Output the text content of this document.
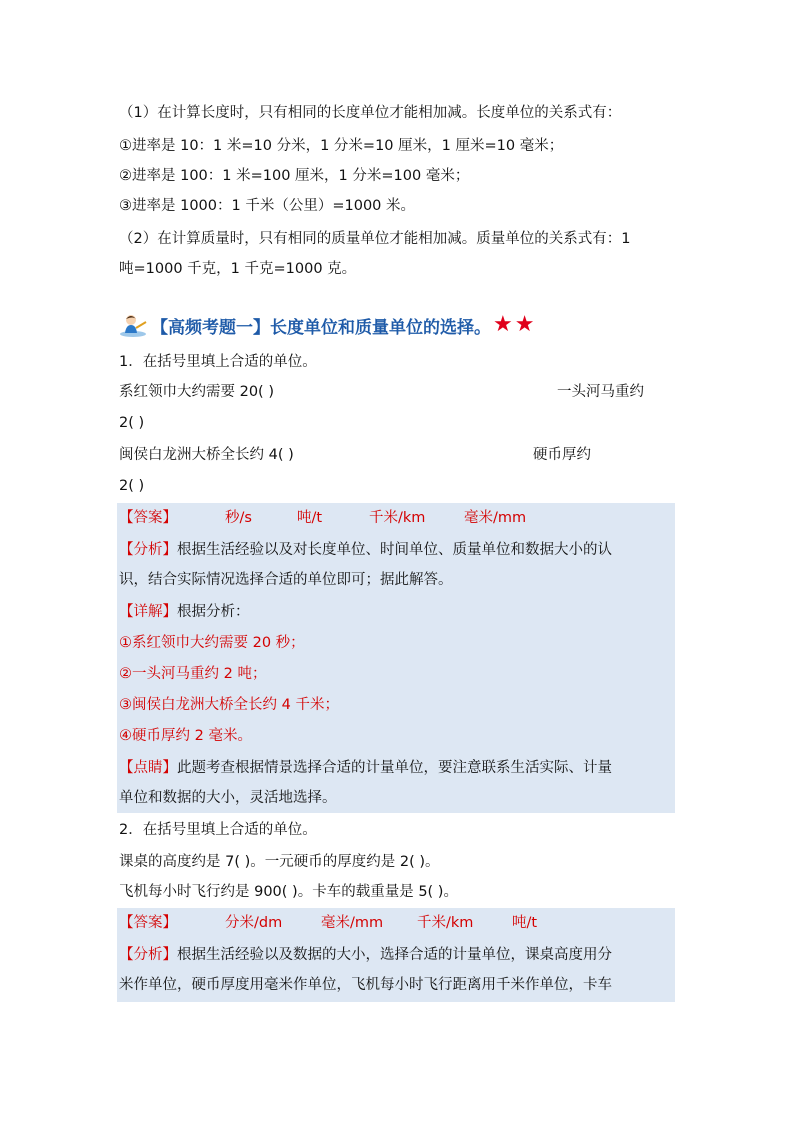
（1）在计算长度时，只有相同的长度单位才能相加减。长度单位的关系式有：
①进率是 10：1 米=10 分米，1 分米=10 厘米，1 厘米=10 毫米；
②进率是 100：1 米=100 厘米，1 分米=100 毫米；
③进率是 1000：1 千米（公里）=1000 米。
（2）在计算质量时，只有相同的质量单位才能相加减。质量单位的关系式有：1
吨=1000 千克，1 千克=1000 克。
【高频考题一】长度单位和质量单位的选择。 ★ ★
1．在括号里填上合适的单位。
系红领巾大约需要 20( )	一头河马重约
2( )
闽侯白龙洲大桥全长约 4( )	硬币厚约
2( )
【答案】	秒/s	吨/t	千米/km	毫米/mm
【分析】根据生活经验以及对长度单位、时间单位、质量单位和数据大小的认
识，结合实际情况选择合适的单位即可；据此解答。
【详解】根据分析：
①系红领巾大约需要 20 秒；
②一头河马重约 2 吨；
③闽侯白龙洲大桥全长约 4 千米；
④硬币厚约 2 毫米。
【点睛】此题考查根据情景选择合适的计量单位，要注意联系生活实际、计量
单位和数据的大小，灵活地选择。
2．在括号里填上合适的单位。
课桌的高度约是 7( )。一元硬币的厚度约是 2( )。
飞机每小时飞行约是 900( )。卡车的载重量是 5( )。
【答案】	分米/dm	毫米/mm 千米/km	吨/t
【分析】根据生活经验以及数据的大小，选择合适的计量单位，课桌高度用分
米作单位，硬币厚度用毫米作单位，飞机每小时飞行距离用千米作单位，卡车
